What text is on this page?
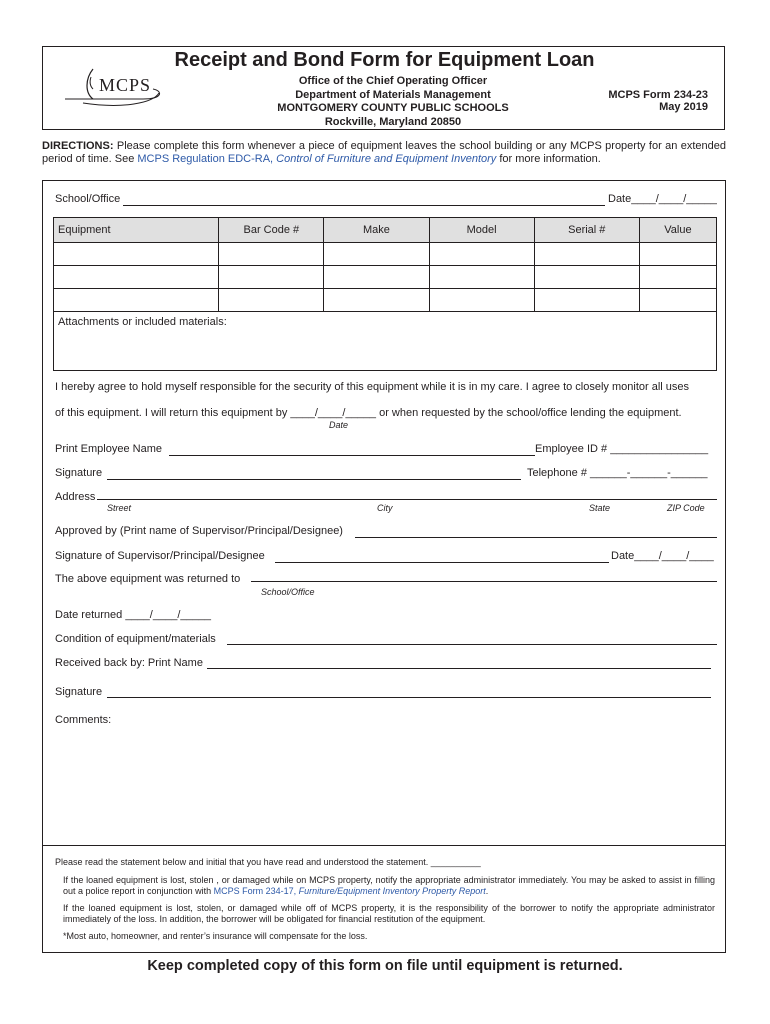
Receipt and Bond Form for Equipment Loan
MCPS	Office of the Chief Operating Officer
Department of Materials Management
MONTGOMERY COUNTY PUBLIC SCHOOLS
Rockville, Maryland 20850
MCPS Form 234-23
May 2019
DIRECTIONS: Please complete this form whenever a piece of equipment leaves the school building or any MCPS property for an extended period of time. See MCPS Regulation EDC-RA, Control of Furniture and Equipment Inventory for more information.
School/Office	Date____/____/_____
Equipment	Bar Code #	Make	Model	Serial #	Value

Attachments or included materials:
I hereby agree to hold myself responsible for the security of this equipment while it is in my care. I agree to closely monitor all uses
of this equipment. I will return this equipment by ____/____/_____ or when requested by the school/office lending the equipment.
Date
Print Employee Name	Employee ID # ________________
Signature	Telephone # ______-______-______
Address
Street	City	State	ZIP Code
Approved by (Print name of Supervisor/Principal/Designee)
Signature of Supervisor/Principal/Designee	Date____/____/____
The above equipment was returned to
School/Office
Date returned ____/____/_____
Condition of equipment/materials
Received back by: Print Name
Signature
Comments:
Please read the statement below and initial that you have read and understood the statement. __________
If the loaned equipment is lost, stolen , or damaged while on MCPS property, notify the appropriate administrator immediately. You may be asked to assist in filling out a police report in conjunction with MCPS Form 234-17, Furniture/Equipment Inventory Property Report.
If the loaned equipment is lost, stolen, or damaged while off of MCPS property, it is the responsibility of the borrower to notify the appropriate administrator immediately of the loss. In addition, the borrower will be obligated for financial restitution of the equipment.
*Most auto, homeowner, and renter’s insurance will compensate for the loss.
Keep completed copy of this form on file until equipment is returned.
